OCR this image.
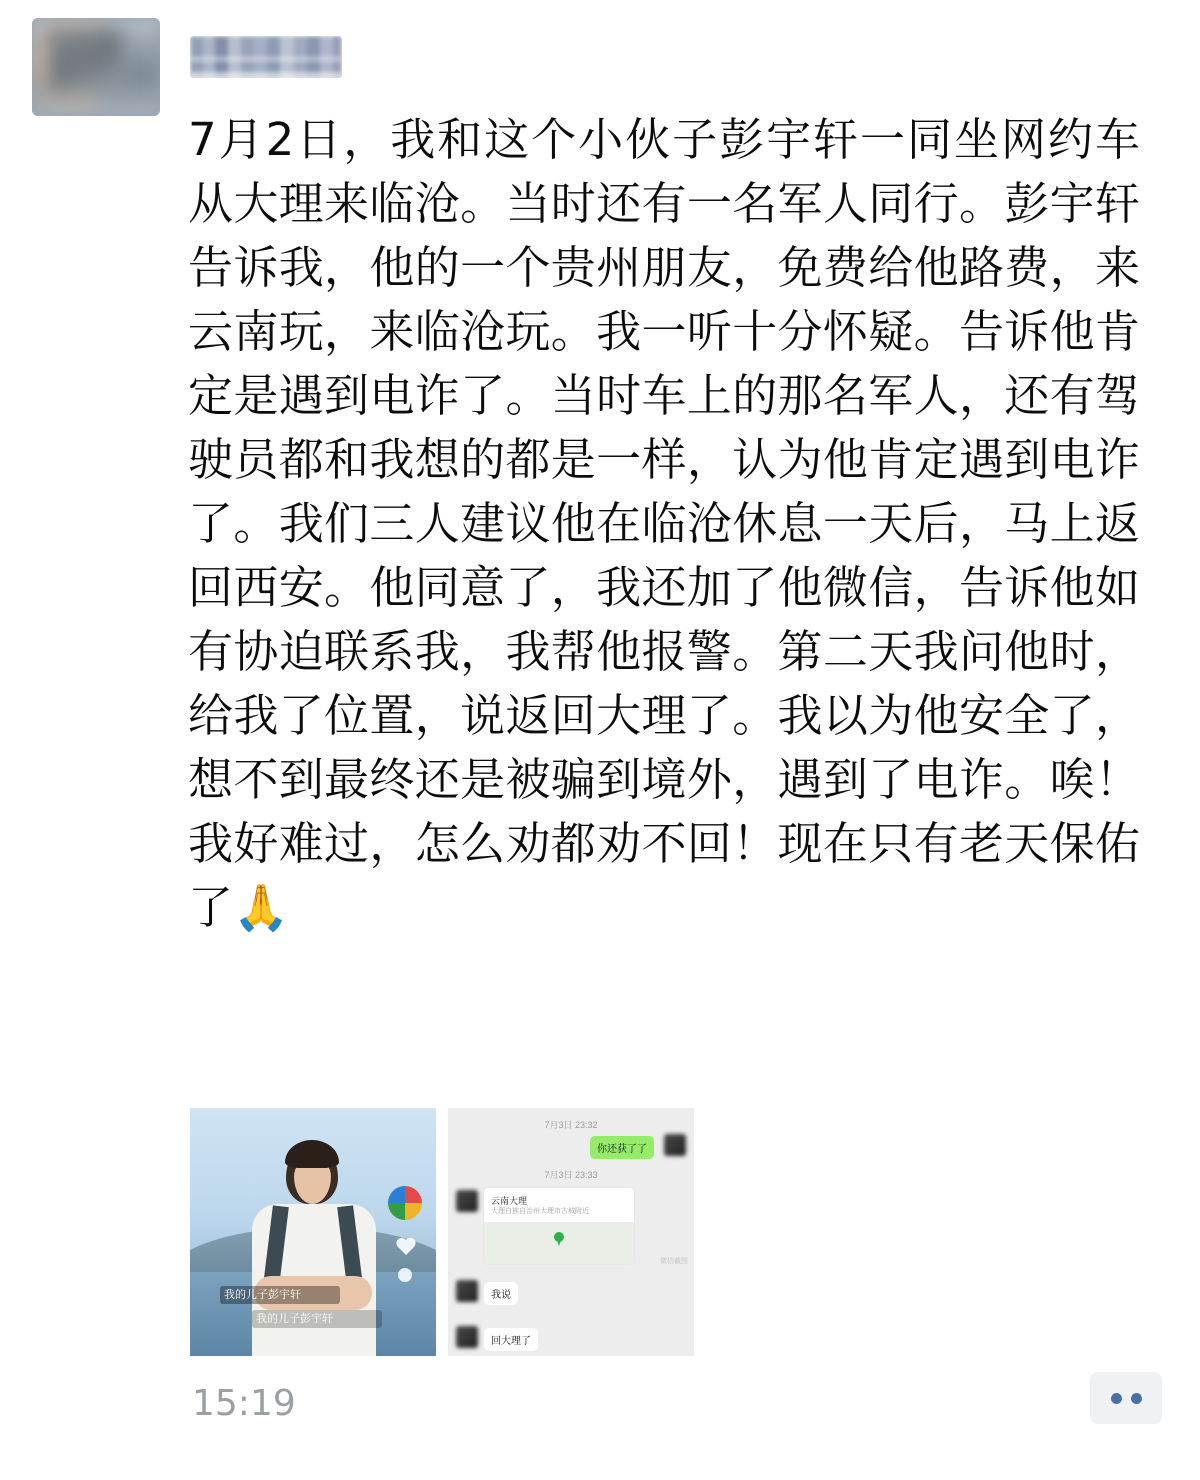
7月2日，我和这个小伙子彭宇轩一同坐网约车从大理来临沧。当时还有一名军人同行。彭宇轩告诉我，他的一个贵州朋友，免费给他路费，来云南玩，来临沧玩。我一听十分怀疑。告诉他肯定是遇到电诈了。当时车上的那名军人，还有驾驶员都和我想的都是一样，认为他肯定遇到电诈了。我们三人建议他在临沧休息一天后，马上返回西安。他同意了，我还加了他微信，告诉他如有协迫联系我，我帮他报警。第二天我问他时，给我了位置，说返回大理了。我以为他安全了，想不到最终还是被骗到境外，遇到了电诈。唉！我好难过，怎么劝都劝不回！现在只有老天保佑了🙏
我的儿子彭宇轩
我的儿子彭宇轩
7月3日 23:32
你还获了了
7月3日 23:33
云南大理
大理白族自治州大理市古城附近
微信截图
我说
回大理了
15:19
